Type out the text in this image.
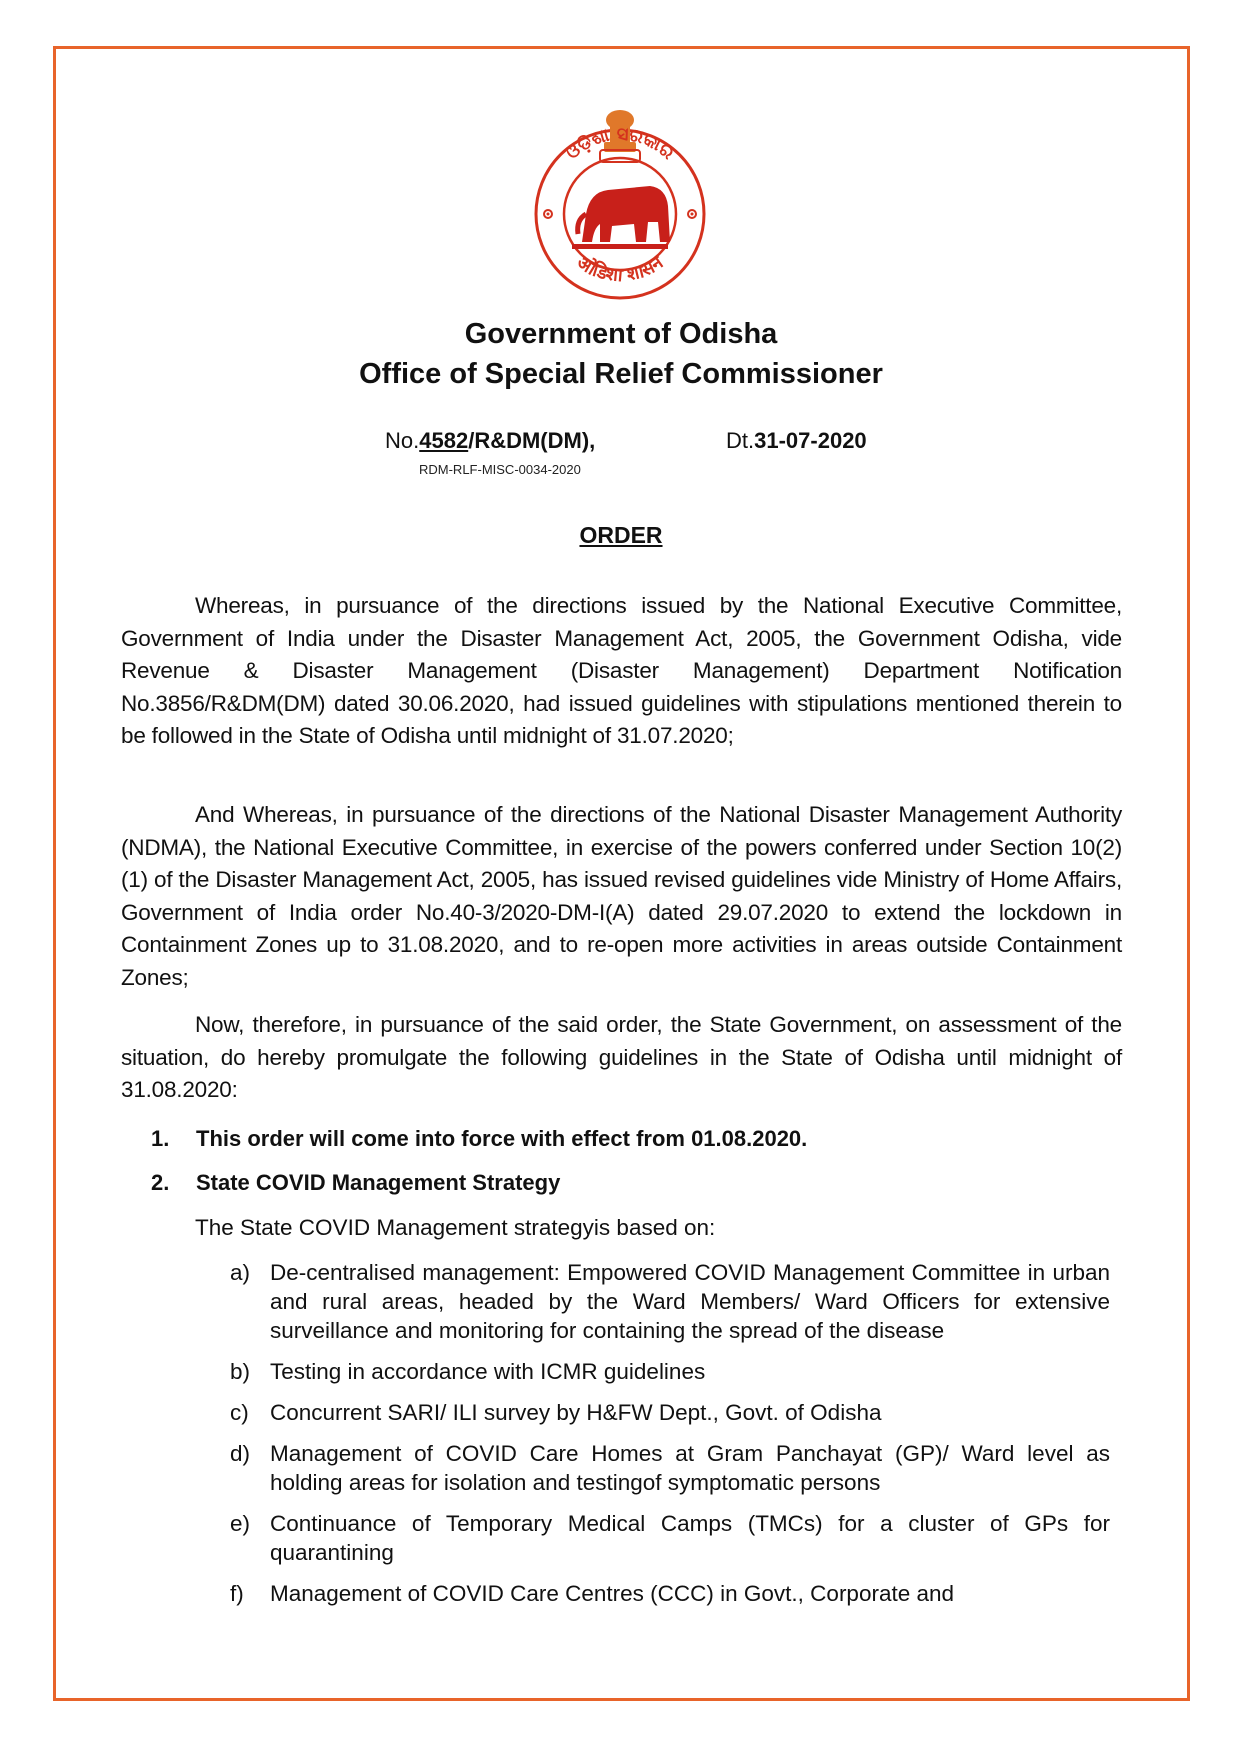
ଓଡ଼ିଶା ସରକାର
ओडिशा शासन
Government of Odisha
Office of Special Relief Commissioner
No.4582/R&DM(DM),	Dt.31-07-2020
RDM-RLF-MISC-0034-2020
ORDER

Whereas, in pursuance of the directions issued by the National Executive Committee, Government of India under the Disaster Management Act, 2005, the Government Odisha, vide Revenue & Disaster Management (Disaster Management) Department Notification No.3856/R&DM(DM) dated 30.06.2020, had issued guidelines with stipulations mentioned therein to be followed in the State of Odisha until midnight of 31.07.2020;

And Whereas, in pursuance of the directions of the National Disaster Management Authority (NDMA), the National Executive Committee, in exercise of the powers conferred under Section 10(2)(1) of the Disaster Management Act, 2005, has issued revised guidelines vide Ministry of Home Affairs, Government of India order No.40-3/2020-DM-I(A) dated 29.07.2020 to extend the lockdown in Containment Zones up to 31.08.2020, and to re-open more activities in areas outside Containment Zones;

Now, therefore, in pursuance of the said order, the State Government, on assessment of the situation, do hereby promulgate the following guidelines in the State of Odisha until midnight of 31.08.2020:

1. This order will come into force with effect from 01.08.2020.
2. State COVID Management Strategy
The State COVID Management strategyis based on:
a) De-centralised management: Empowered COVID Management Committee in urban and rural areas, headed by the Ward Members/ Ward Officers for extensive surveillance and monitoring for containing the spread of the disease
b) Testing in accordance with ICMR guidelines
c) Concurrent SARI/ ILI survey by H&FW Dept., Govt. of Odisha
d) Management of COVID Care Homes at Gram Panchayat (GP)/ Ward level as holding areas for isolation and testingof symptomatic persons
e) Continuance of Temporary Medical Camps (TMCs) for a cluster of GPs for quarantining
f)	Management of COVID Care Centres (CCC) in Govt., Corporate and
